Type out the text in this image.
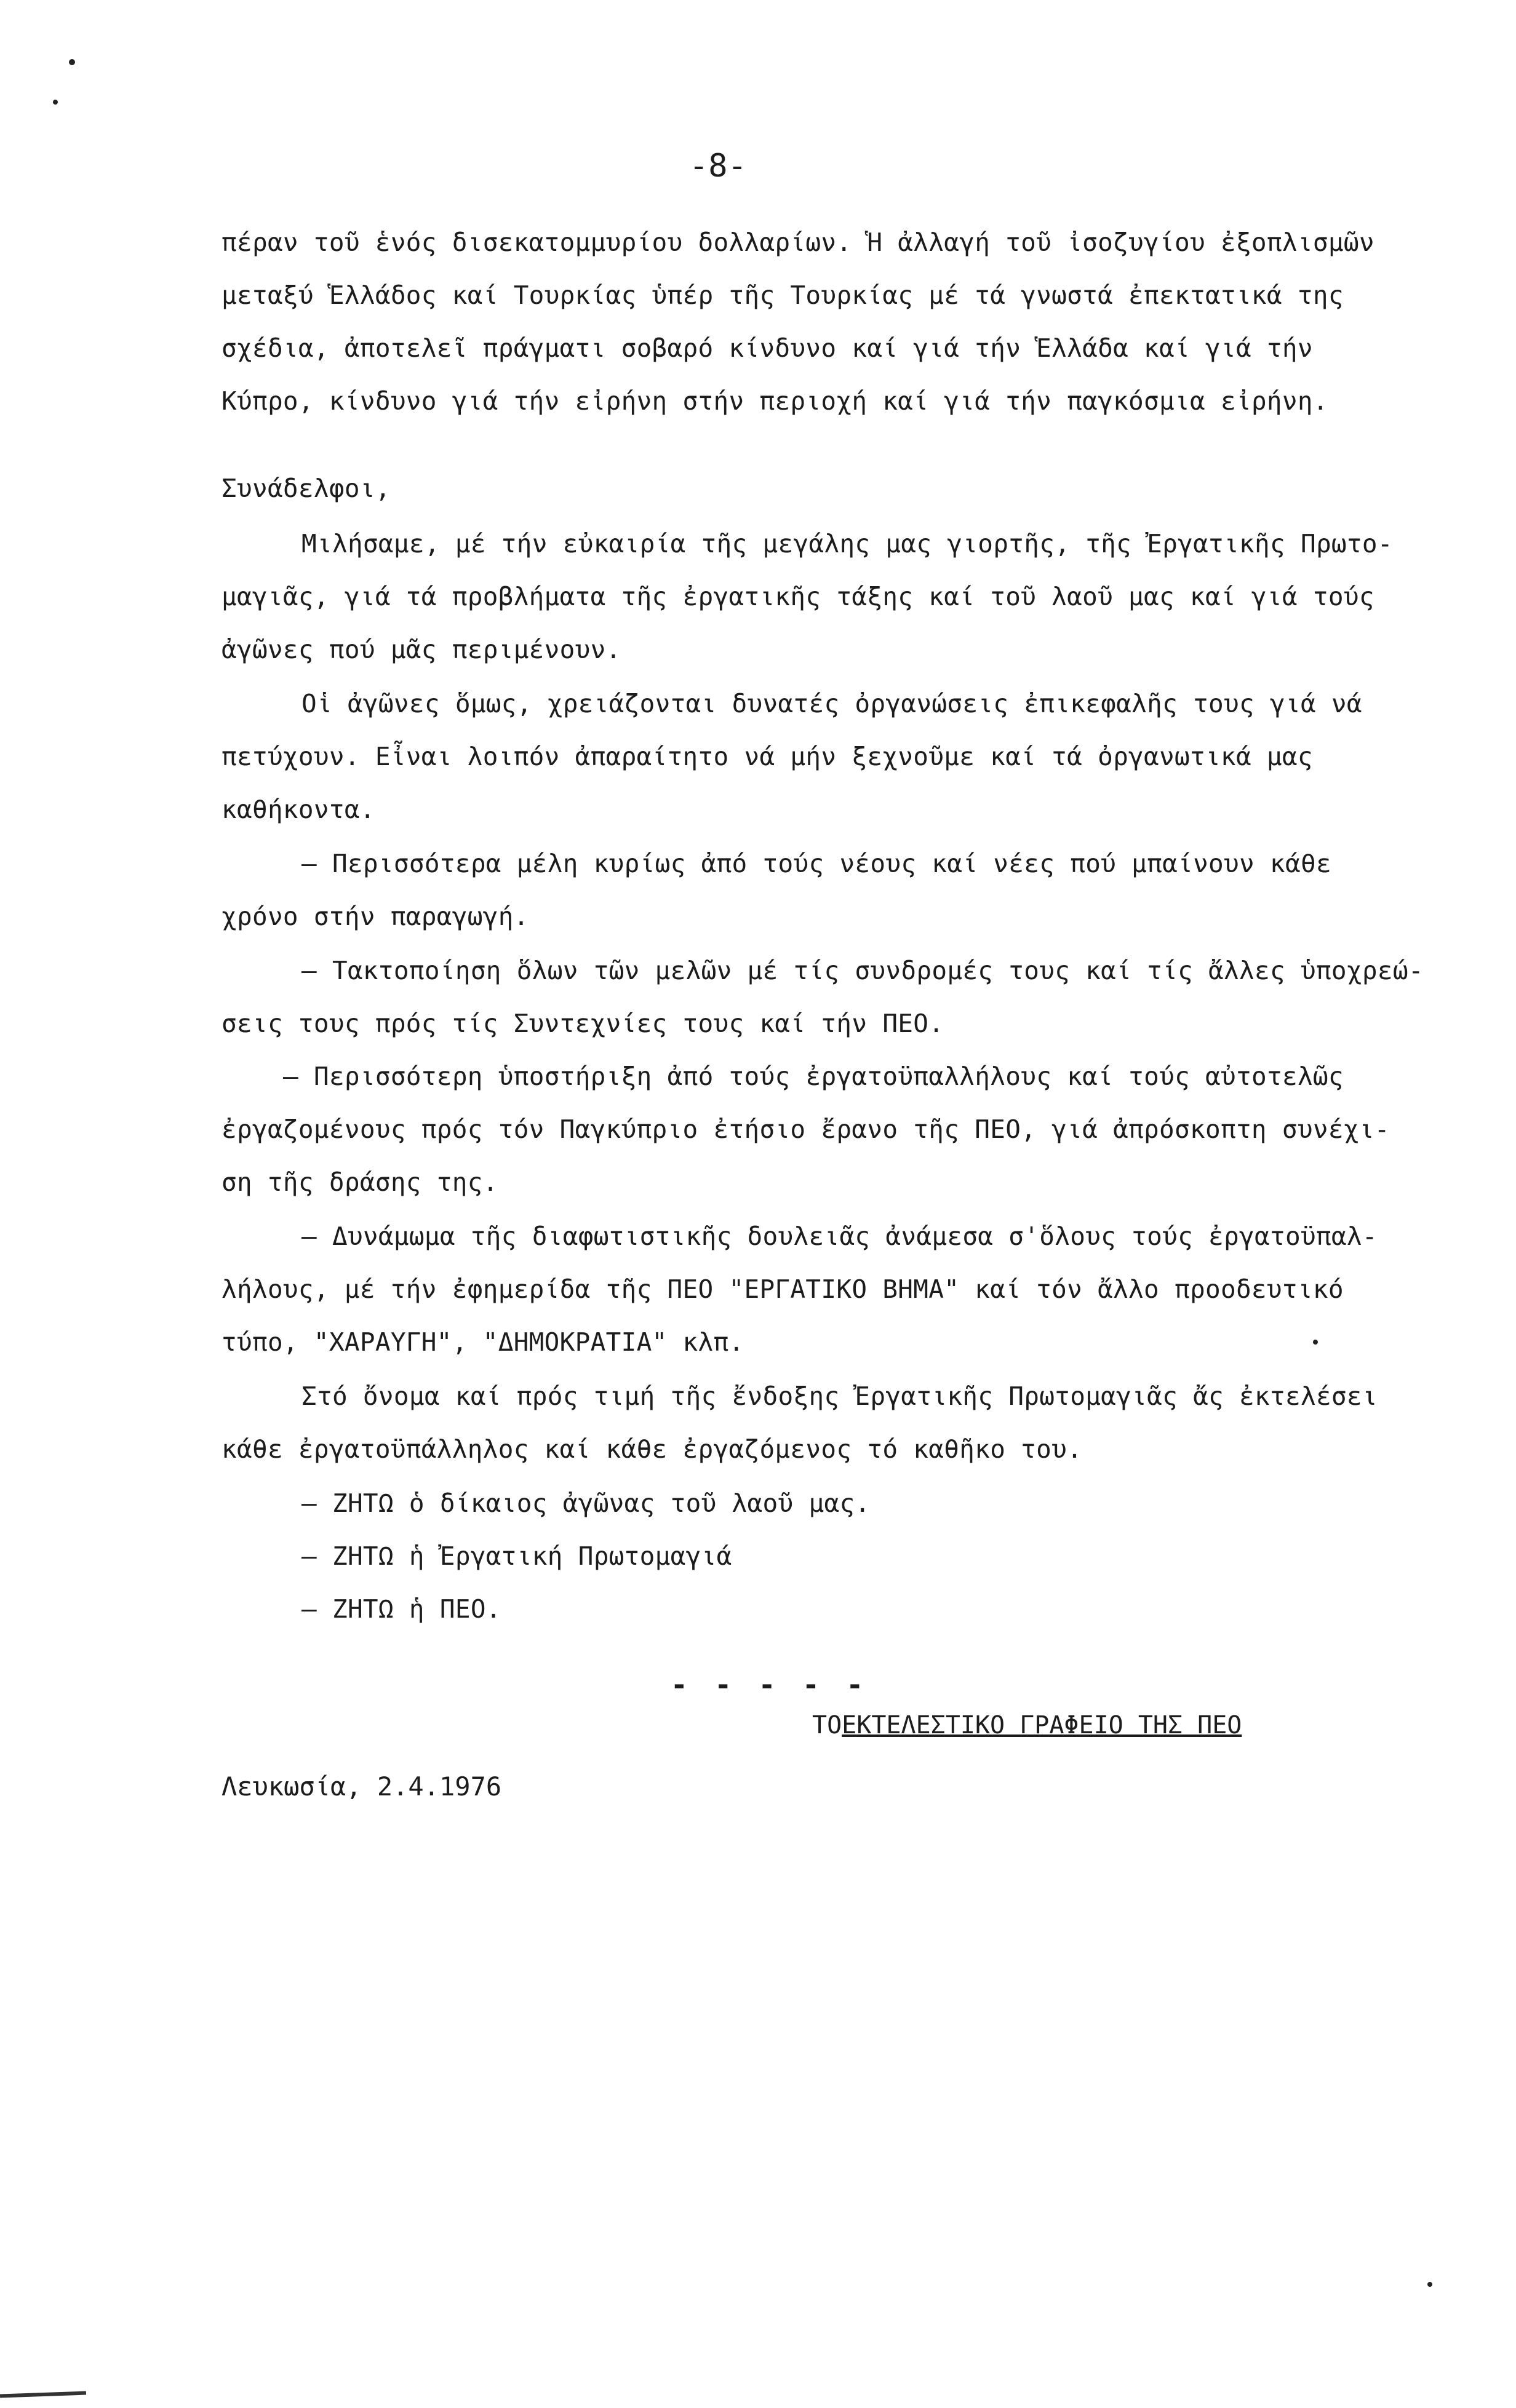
-8-
πέραν τοῦ ἑνός δισεκατομμυρίου δολλαρίων. Ἡ ἀλλαγή τοῦ ἰσοζυγίου ἐξοπλισμῶν
μεταξύ Ἑλλάδος καί Τουρκίας ὑπέρ τῆς Τουρκίας μέ τά γνωστά ἐπεκτατικά της
σχέδια, ἀποτελεῖ πράγματι σοβαρό κίνδυνο καί γιά τήν Ἑλλάδα καί γιά τήν
Κύπρο, κίνδυνο γιά τήν εἰρήνη στήν περιοχή καί γιά τήν παγκόσμια εἰρήνη.
Συνάδελφοι,
Μιλήσαμε, μέ τήν εὐκαιρία τῆς μεγάλης μας γιορτῆς, τῆς Ἐργατικῆς Πρωτο-
μαγιᾶς, γιά τά προβλήματα τῆς ἐργατικῆς τάξης καί τοῦ λαοῦ μας καί γιά τούς
ἀγῶνες πού μᾶς περιμένουν.
Οἱ ἀγῶνες ὅμως, χρειάζονται δυνατές ὀργανώσεις ἐπικεφαλῆς τους γιά νά
πετύχουν. Εἶναι λοιπόν ἀπαραίτητο νά μήν ξεχνοῦμε καί τά ὀργανωτικά μας
καθήκοντα.
– Περισσότερα μέλη κυρίως ἀπό τούς νέους καί νέες πού μπαίνουν κάθε
χρόνο στήν παραγωγή.
– Τακτοποίηση ὅλων τῶν μελῶν μέ τίς συνδρομές τους καί τίς ἄλλες ὑποχρεώ-
σεις τους πρός τίς Συντεχνίες τους καί τήν ΠΕΟ.
– Περισσότερη ὑποστήριξη ἀπό τούς ἐργατοϋπαλλήλους καί τούς αὐτοτελῶς
ἐργαζομένους πρός τόν Παγκύπριο ἐτήσιο ἔρανο τῆς ΠΕΟ, γιά ἀπρόσκοπτη συνέχι-
ση τῆς δράσης της.
– Δυνάμωμα τῆς διαφωτιστικῆς δουλειᾶς ἀνάμεσα σ'ὅλους τούς ἐργατοϋπαλ-
λήλους, μέ τήν ἐφημερίδα τῆς ΠΕΟ "ΕΡΓΑΤΙΚΟ ΒΗΜΑ" καί τόν ἄλλο προοδευτικό
τύπο, "ΧΑΡΑΥΓΗ", "ΔΗΜΟΚΡΑΤΙΑ" κλπ.
Στό ὄνομα καί πρός τιμή τῆς ἔνδοξης Ἐργατικῆς Πρωτομαγιᾶς ἄς ἐκτελέσει
κάθε ἐργατοϋπάλληλος καί κάθε ἐργαζόμενος τό καθῆκο του.
– ΖΗΤΩ ὁ δίκαιος ἀγῶνας τοῦ λαοῦ μας.
– ΖΗΤΩ ἡ Ἐργατική Πρωτομαγιά
– ΖΗΤΩ ἡ ΠΕΟ.
- - - - -
ΤΟΕΚΤΕΛΕΣΤΙΚΟ ΓΡΑΦΕΙΟ ΤΗΣ ΠΕΟ
Λευκωσία, 2.4.1976
